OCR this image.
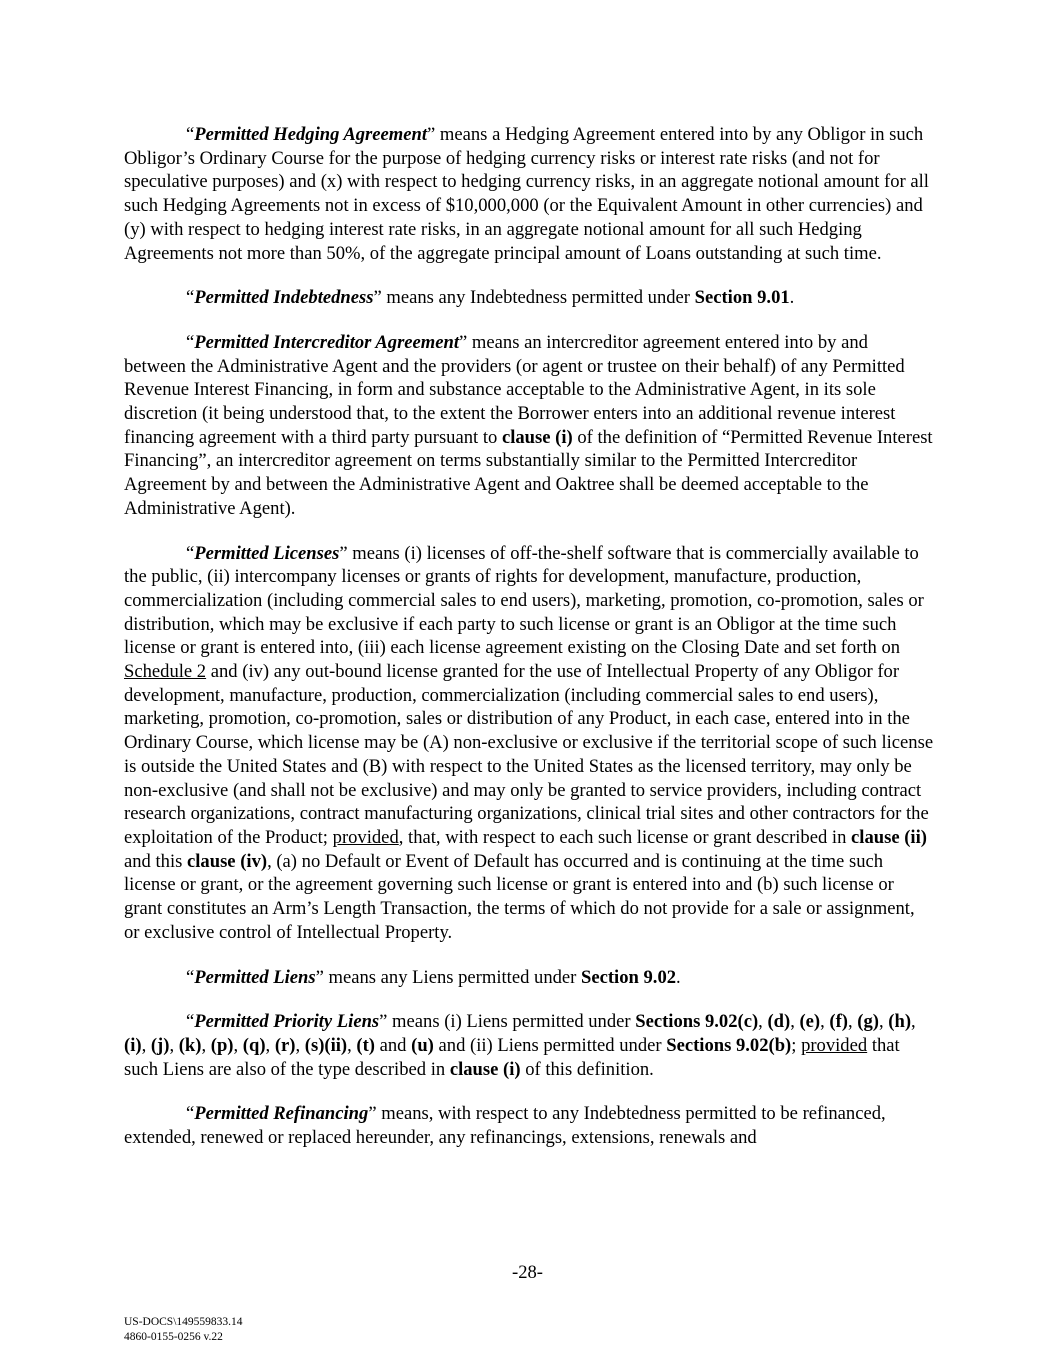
“Permitted Hedging Agreement” means a Hedging Agreement entered into by any Obligor in such Obligor’s Ordinary Course for the purpose of hedging currency risks or interest rate risks (and not for speculative purposes) and (x) with respect to hedging currency risks, in an aggregate notional amount for all such Hedging Agreements not in excess of $10,000,000 (or the Equivalent Amount in other currencies) and (y) with respect to hedging interest rate risks, in an aggregate notional amount for all such Hedging Agreements not more than 50%, of the aggregate principal amount of Loans outstanding at such time.

“Permitted Indebtedness” means any Indebtedness permitted under Section 9.01.

“Permitted Intercreditor Agreement” means an intercreditor agreement entered into by and between the Administrative Agent and the providers (or agent or trustee on their behalf) of any Permitted Revenue Interest Financing, in form and substance acceptable to the Administrative Agent, in its sole discretion (it being understood that, to the extent the Borrower enters into an additional revenue interest financing agreement with a third party pursuant to clause (i) of the definition of “Permitted Revenue Interest Financing”, an intercreditor agreement on terms substantially similar to the Permitted Intercreditor Agreement by and between the Administrative Agent and Oaktree shall be deemed acceptable to the Administrative Agent).

“Permitted Licenses” means (i) licenses of off-the-shelf software that is commercially available to the public, (ii) intercompany licenses or grants of rights for development, manufacture, production, commercialization (including commercial sales to end users), marketing, promotion, co-promotion, sales or distribution, which may be exclusive if each party to such license or grant is an Obligor at the time such license or grant is entered into, (iii) each license agreement existing on the Closing Date and set forth on Schedule 2 and (iv) any out-bound license granted for the use of Intellectual Property of any Obligor for development, manufacture, production, commercialization (including commercial sales to end users), marketing, promotion, co-promotion, sales or distribution of any Product, in each case, entered into in the Ordinary Course, which license may be (A) non-exclusive or exclusive if the territorial scope of such license is outside the United States and (B) with respect to the United States as the licensed territory, may only be non-exclusive (and shall not be exclusive) and may only be granted to service providers, including contract research organizations, contract manufacturing organizations, clinical trial sites and other contractors for the exploitation of the Product; provided, that, with respect to each such license or grant described in clause (ii) and this clause (iv), (a) no Default or Event of Default has occurred and is continuing at the time such license or grant, or the agreement governing such license or grant is entered into and (b) such license or grant constitutes an Arm’s Length Transaction, the terms of which do not provide for a sale or assignment, or exclusive control of Intellectual Property.

“Permitted Liens” means any Liens permitted under Section 9.02.

“Permitted Priority Liens” means (i) Liens permitted under Sections 9.02(c), (d), (e), (f), (g), (h), (i), (j), (k), (p), (q), (r), (s)(ii), (t) and (u) and (ii) Liens permitted under Sections 9.02(b); provided that such Liens are also of the type described in clause (i) of this definition.

“Permitted Refinancing” means, with respect to any Indebtedness permitted to be refinanced, extended, renewed or replaced hereunder, any refinancings, extensions, renewals and

-28-
US-DOCS\149559833.14
4860-0155-0256 v.22
